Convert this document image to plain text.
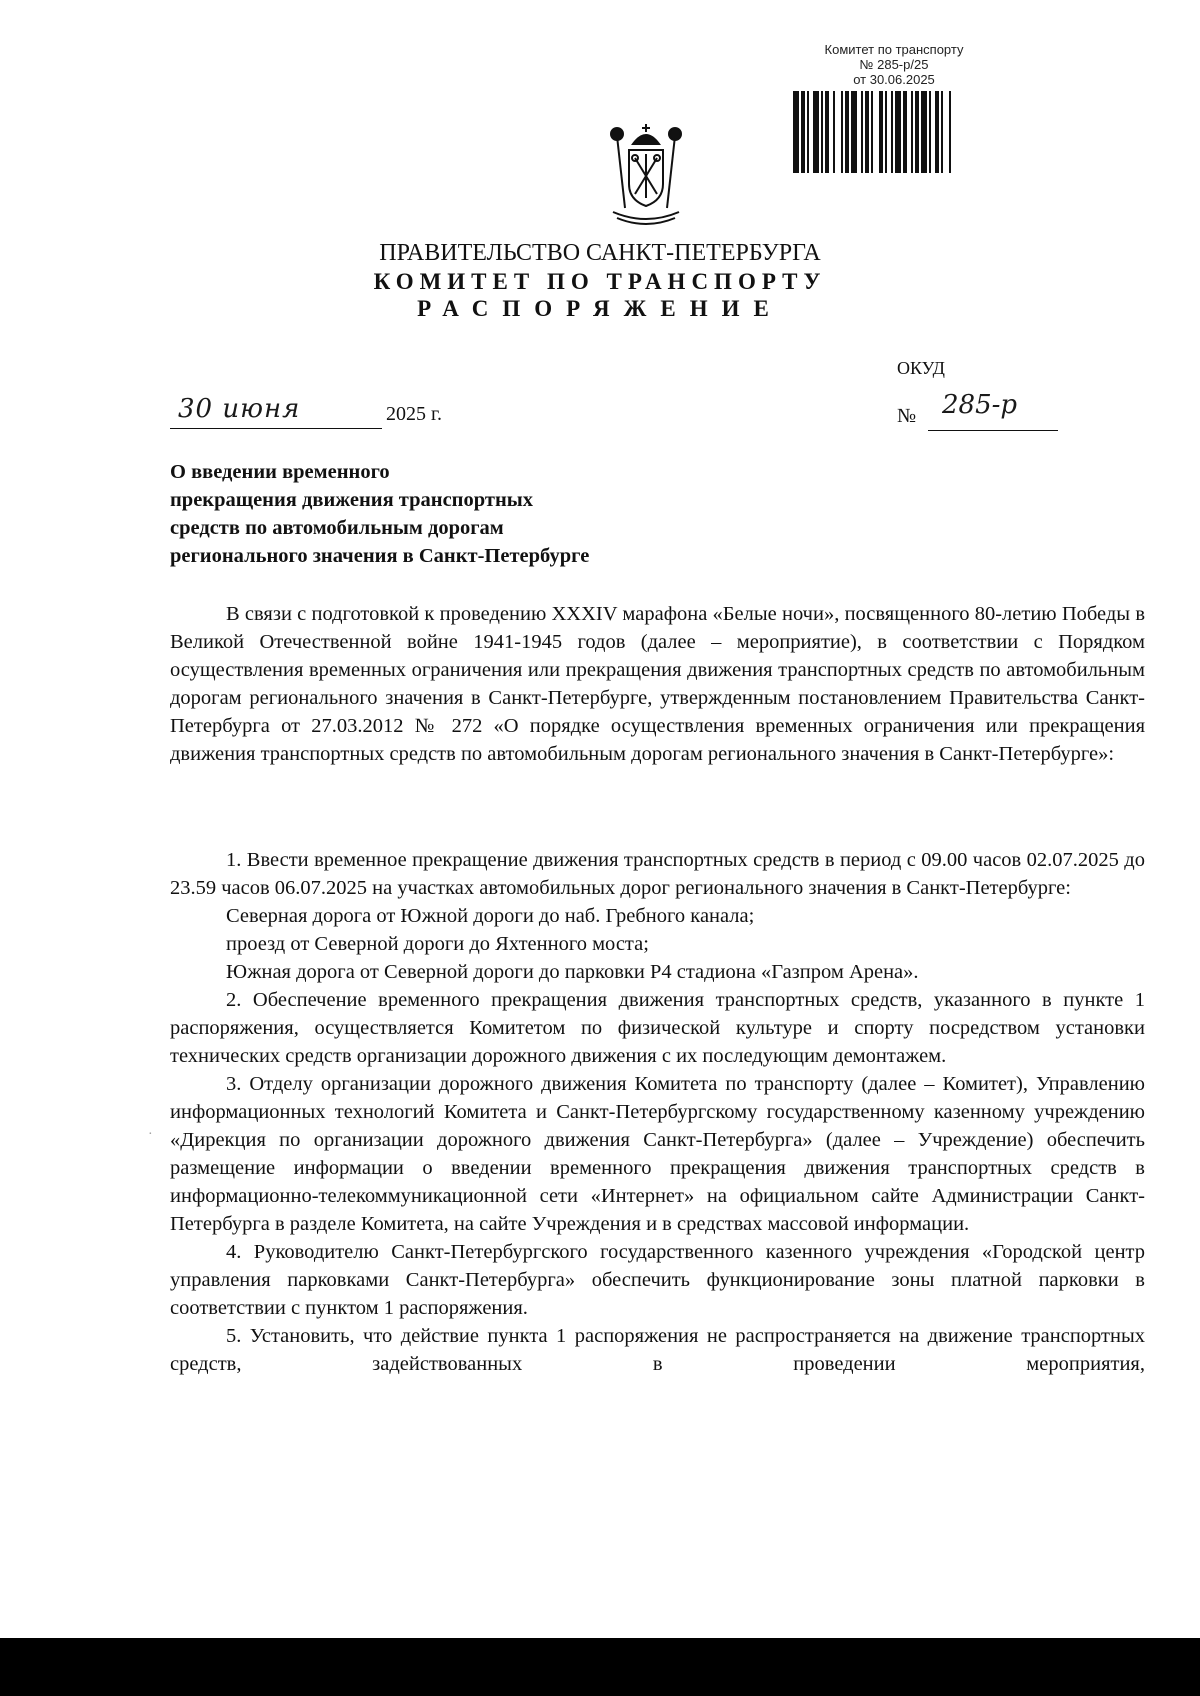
Комитет по транспорту
№ 285-р/25
от 30.06.2025
ПРАВИТЕЛЬСТВО САНКТ-ПЕТЕРБУРГА
КОМИТЕТ ПО ТРАНСПОРТУ
РАСПОРЯЖЕНИЕ
ОКУД
30 июня	2025 г.	№ 285-р
О введении временного
прекращения движения транспортных
средств по автомобильным дорогам
регионального значения в Санкт-Петербурге

В связи с подготовкой к проведению XXXIV марафона «Белые ночи», посвященного 80-летию Победы в Великой Отечественной войне 1941-1945 годов (далее – мероприятие), в соответствии с Порядком осуществления временных ограничения или прекращения движения транспортных средств по автомобильным дорогам регионального значения в Санкт-Петербурге, утвержденным постановлением Правительства Санкт-Петербурга от 27.03.2012 № 272 «О порядке осуществления временных ограничения или прекращения движения транспортных средств по автомобильным дорогам регионального значения в Санкт-Петербурге»:

1. Ввести временное прекращение движения транспортных средств в период с 09.00 часов 02.07.2025 до 23.59 часов 06.07.2025 на участках автомобильных дорог регионального значения в Санкт-Петербурге:

Северная дорога от Южной дороги до наб. Гребного канала;

проезд от Северной дороги до Яхтенного моста;

Южная дорога от Северной дороги до парковки Р4 стадиона «Газпром Арена».

2. Обеспечение временного прекращения движения транспортных средств, указанного в пункте 1 распоряжения, осуществляется Комитетом по физической культуре и спорту посредством установки технических средств организации дорожного движения с их последующим демонтажем.

3. Отделу организации дорожного движения Комитета по транспорту (далее – Комитет), Управлению информационных технологий Комитета и Санкт-Петербургскому государственному казенному учреждению «Дирекция по организации дорожного движения Санкт-Петербурга» (далее – Учреждение) обеспечить размещение информации о введении временного прекращения движения транспортных средств в информационно-телекоммуникационной сети «Интернет» на официальном сайте Администрации Санкт-Петербурга в разделе Комитета, на сайте Учреждения и в средствах массовой информации.

4. Руководителю Санкт-Петербургского государственного казенного учреждения «Городской центр управления парковками Санкт-Петербурга» обеспечить функционирование зоны платной парковки в соответствии с пунктом 1 распоряжения.

5. Установить, что действие пункта 1 распоряжения не распространяется на движение транспортных средств, задействованных в проведении мероприятия,

·
